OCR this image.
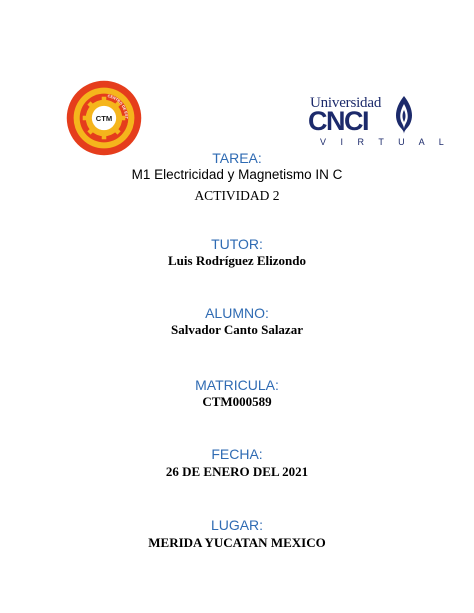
CENTRO DE EST
CTM
Universidad
CNCI
V I R T U A L
TAREA:
M1 Electricidad y Magnetismo IN C
ACTIVIDAD 2
TUTOR:
Luis Rodríguez Elizondo
ALUMNO:
Salvador Canto Salazar
MATRICULA:
CTM000589
FECHA:
26 DE ENERO DEL 2021
LUGAR:
MERIDA YUCATAN MEXICO
